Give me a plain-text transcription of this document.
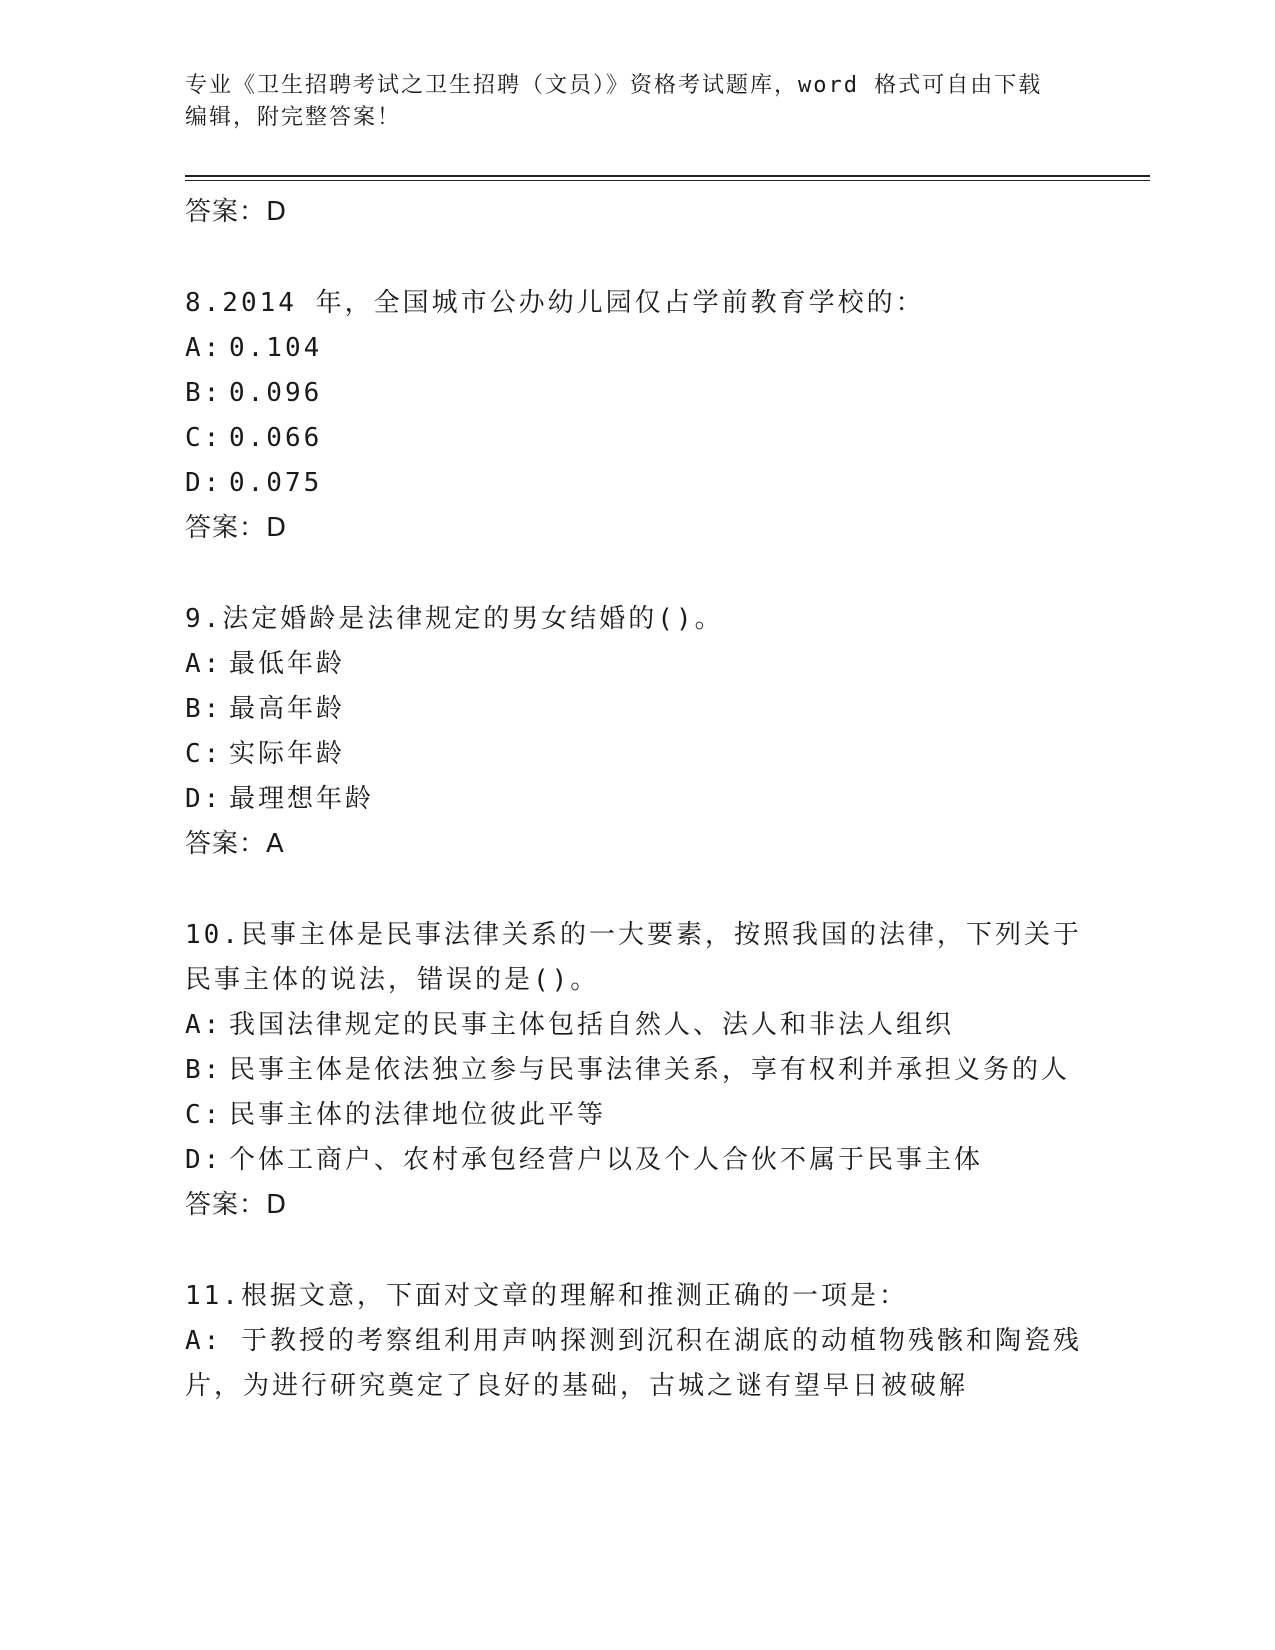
专业《卫生招聘考试之卫生招聘（文员）》资格考试题库，word 格式可自由下载
编辑，附完整答案！
答案：D
8.2014 年，全国城市公办幼儿园仅占学前教育学校的：
A: 0.104
B: 0.096
C: 0.066
D: 0.075
答案：D
9.法定婚龄是法律规定的男女结婚的()。
A: 最低年龄
B: 最高年龄
C: 实际年龄
D: 最理想年龄
答案：A
10.民事主体是民事法律关系的一大要素，按照我国的法律，下列关于
民事主体的说法，错误的是()。
A: 我国法律规定的民事主体包括自然人、法人和非法人组织
B: 民事主体是依法独立参与民事法律关系，享有权利并承担义务的人
C: 民事主体的法律地位彼此平等
D: 个体工商户、农村承包经营户以及个人合伙不属于民事主体
答案：D
11.根据文意，下面对文章的理解和推测正确的一项是：
A: 于教授的考察组利用声呐探测到沉积在湖底的动植物残骸和陶瓷残
片，为进行研究奠定了良好的基础，古城之谜有望早日被破解
